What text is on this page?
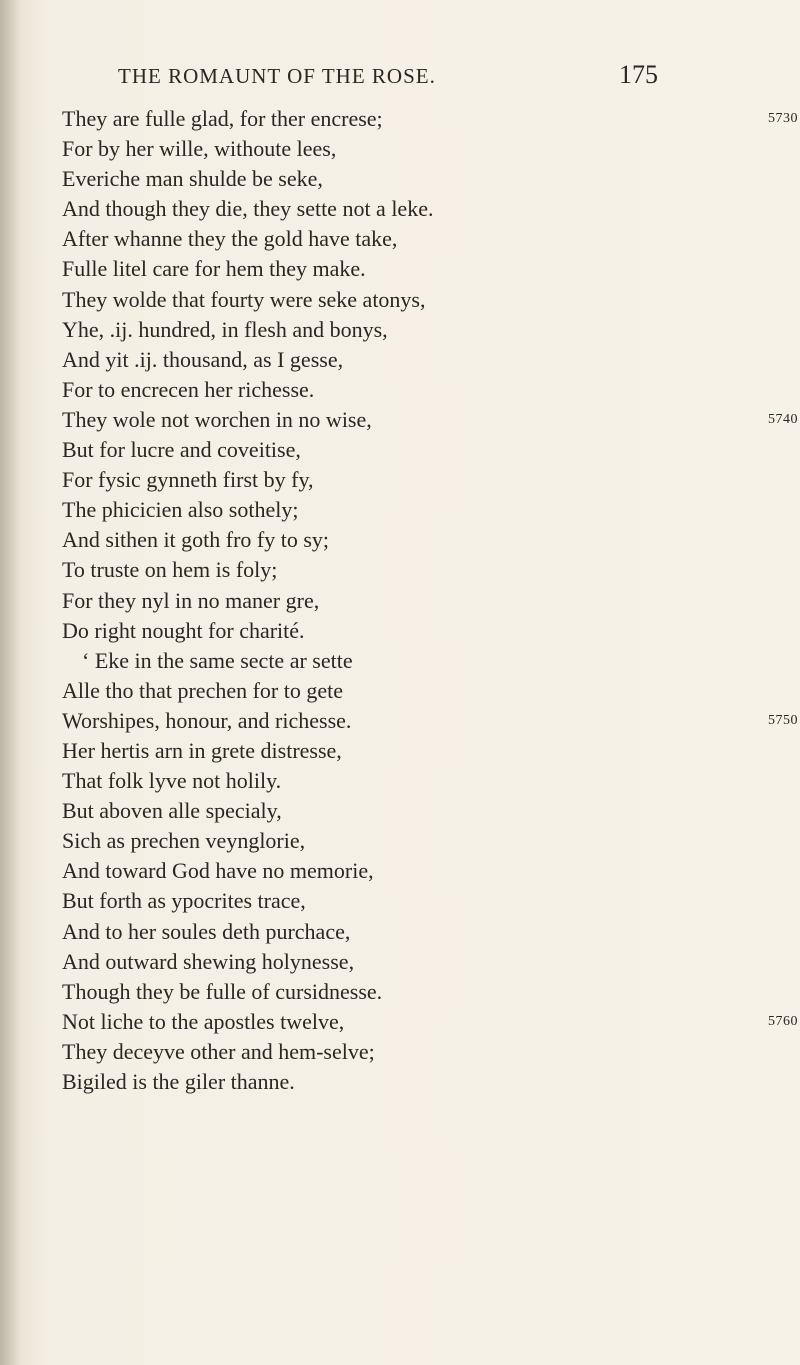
THE ROMAUNT OF THE ROSE.	175
They are fulle glad, for ther encrese;	5730
For by her wille, withoute lees,
Everiche man shulde be seke,
And though they die, they sette not a leke.
After whanne they the gold have take,
Fulle litel care for hem they make.
They wolde that fourty were seke atonys,
Yhe, .ij. hundred, in flesh and bonys,
And yit .ij. thousand, as I gesse,
For to encrecen her richesse.
They wole not worchen in no wise,	5740
But for lucre and coveitise,
For fysic gynneth first by fy,
The phicicien also sothely;
And sithen it goth fro fy to sy;
To truste on hem is foly;
For they nyl in no maner gre,
Do right nought for charité.
‘ Eke in the same secte ar sette
Alle tho that prechen for to gete
Worshipes, honour, and richesse.	5750
Her hertis arn in grete distresse,
That folk lyve not holily.
But aboven alle specialy,
Sich as prechen veynglorie,
And toward God have no memorie,
But forth as ypocrites trace,
And to her soules deth purchace,
And outward shewing holynesse,
Though they be fulle of cursidnesse.
Not liche to the apostles twelve,	5760
They deceyve other and hem-selve;
Bigiled is the giler thanne.
